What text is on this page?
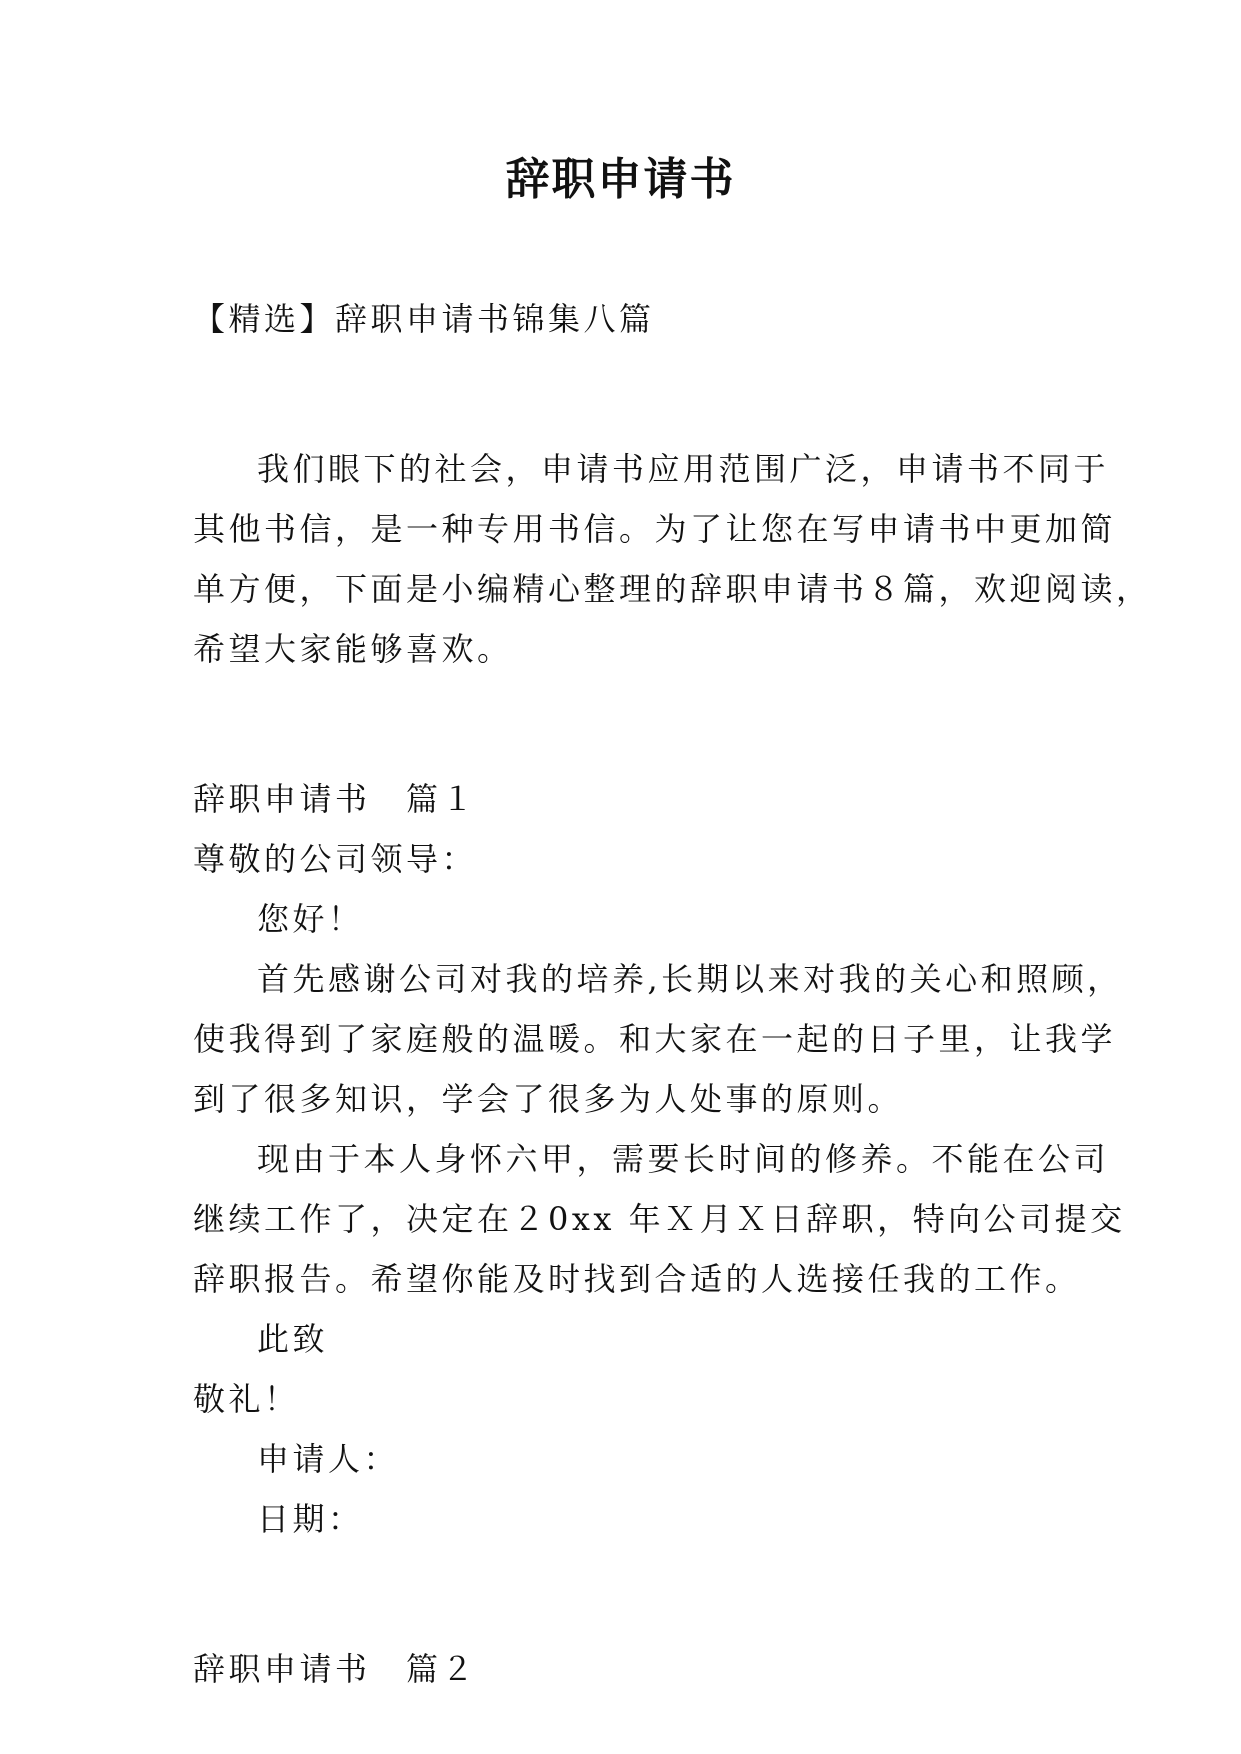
辞职申请书
【精选】辞职申请书锦集八篇
我们眼下的社会，申请书应用范围广泛，申请书不同于
其他书信，是一种专用书信。为了让您在写申请书中更加简
单方便，下面是小编精心整理的辞职申请书８篇，欢迎阅读，
希望大家能够喜欢。
辞职申请书　篇１
尊敬的公司领导：
您好！
首先感谢公司对我的培养,长期以来对我的关心和照顾，
使我得到了家庭般的温暖。和大家在一起的日子里，让我学
到了很多知识，学会了很多为人处事的原则。
现由于本人身怀六甲，需要长时间的修养。不能在公司
继续工作了，决定在２0xx 年Ｘ月Ｘ日辞职，特向公司提交
辞职报告。希望你能及时找到合适的人选接任我的工作。
此致
敬礼！
申请人：
日期：
辞职申请书　篇２
